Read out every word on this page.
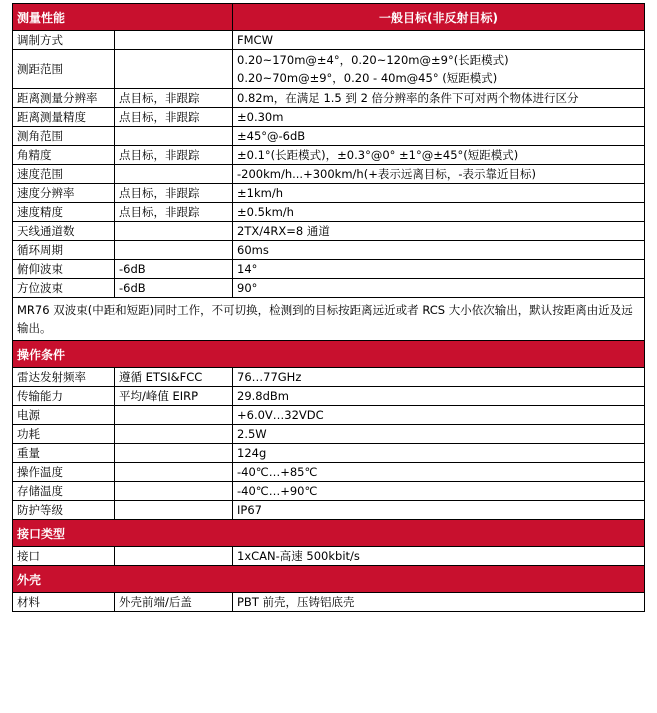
测量性能		一般目标(非反射目标)
调制方式		FMCW
测距范围		0.20~170m@±4°，0.20~120m@±9°(长距模式)
0.20~70m@±9°，0.20 - 40m@45° (短距模式)

距离测量分辨率	点目标，非跟踪	0.82m，在满足 1.5 到 2 倍分辨率的条件下可对两个物体进行区分
距离测量精度	点目标，非跟踪	±0.30m
测角范围		±45°@-6dB
角精度	点目标，非跟踪	±0.1°(长距模式)，±0.3°@0° ±1°@±45°(短距模式)
速度范围		-200km/h...+300km/h(+表示远离目标，-表示靠近目标)
速度分辨率	点目标，非跟踪	±1km/h
速度精度	点目标，非跟踪	±0.5km/h
天线通道数		2TX/4RX=8 通道
循环周期		60ms
俯仰波束	-6dB	14°
方位波束	-6dB	90°
MR76 双波束(中距和短距)同时工作，不可切换，检测到的目标按距离远近或者 RCS 大小依次输出，默认按距离由近及远输出。		
操作条件		
雷达发射频率	遵循 ETSI&FCC	76…77GHz
传输能力	平均/峰值 EIRP	29.8dBm
电源		+6.0V…32VDC
功耗		2.5W
重量		124g
操作温度		-40℃…+85℃
存储温度		-40℃…+90℃
防护等级		IP67
接口类型		
接口		1xCAN-高速 500kbit/s
外壳		
材料	外壳前端/后盖	PBT 前壳，压铸铝底壳
